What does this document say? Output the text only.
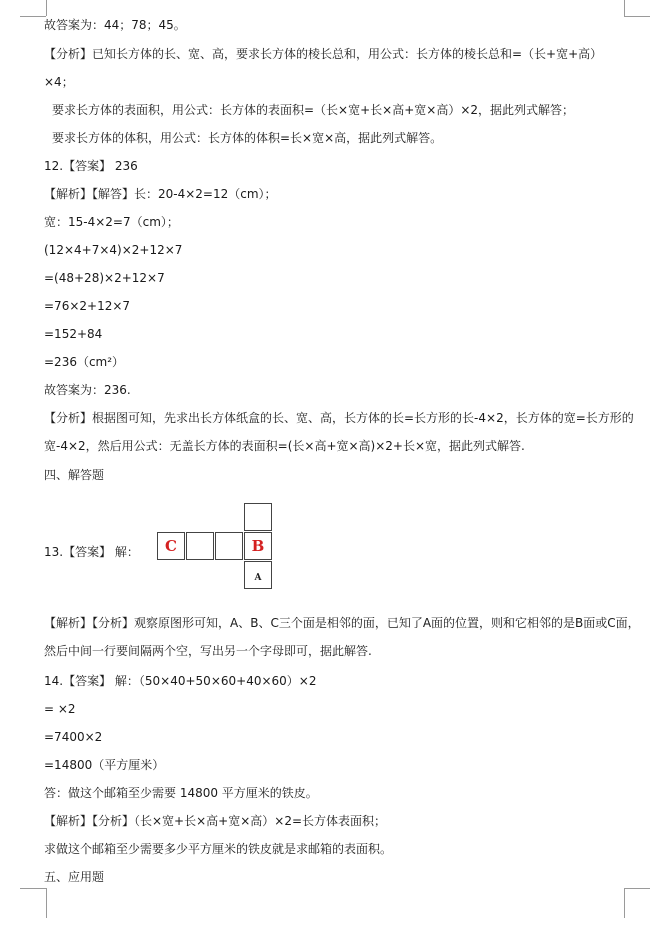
故答案为：44；78；45。
【分析】已知长方体的长、宽、高，要求长方体的棱长总和，用公式：长方体的棱长总和=（长+宽+高）
×4；
要求长方体的表面积，用公式：长方体的表面积=（长×宽+长×高+宽×高）×2，据此列式解答；
要求长方体的体积，用公式：长方体的体积=长×宽×高，据此列式解答。
12.【答案】 236
【解析】【解答】长：20-4×2=12（cm）；
宽：15-4×2=7（cm）；
(12×4+7×4)×2+12×7
=(48+28)×2+12×7
=76×2+12×7
=152+84
=236（cm²）
故答案为：236.
【分析】根据图可知，先求出长方体纸盒的长、宽、高，长方体的长=长方形的长-4×2，长方体的宽=长方形的宽-4×2，然后用公式：无盖长方体的表面积=(长×高+宽×高)×2+长×宽，据此列式解答.
四、解答题
13.【答案】 解：	C	B
A
【解析】【分析】观察原图形可知，A、B、C三个面是相邻的面，已知了A面的位置，则和它相邻的是B面或C面，然后中间一行要间隔两个空，写出另一个字母即可，据此解答.
14.【答案】 解：（50×40+50×60+40×60）×2
= ×2
=7400×2
=14800（平方厘米）
答：做这个邮箱至少需要 14800 平方厘米的铁皮。
【解析】【分析】（长×宽+长×高+宽×高）×2=长方体表面积；
求做这个邮箱至少需要多少平方厘米的铁皮就是求邮箱的表面积。
五、应用题
